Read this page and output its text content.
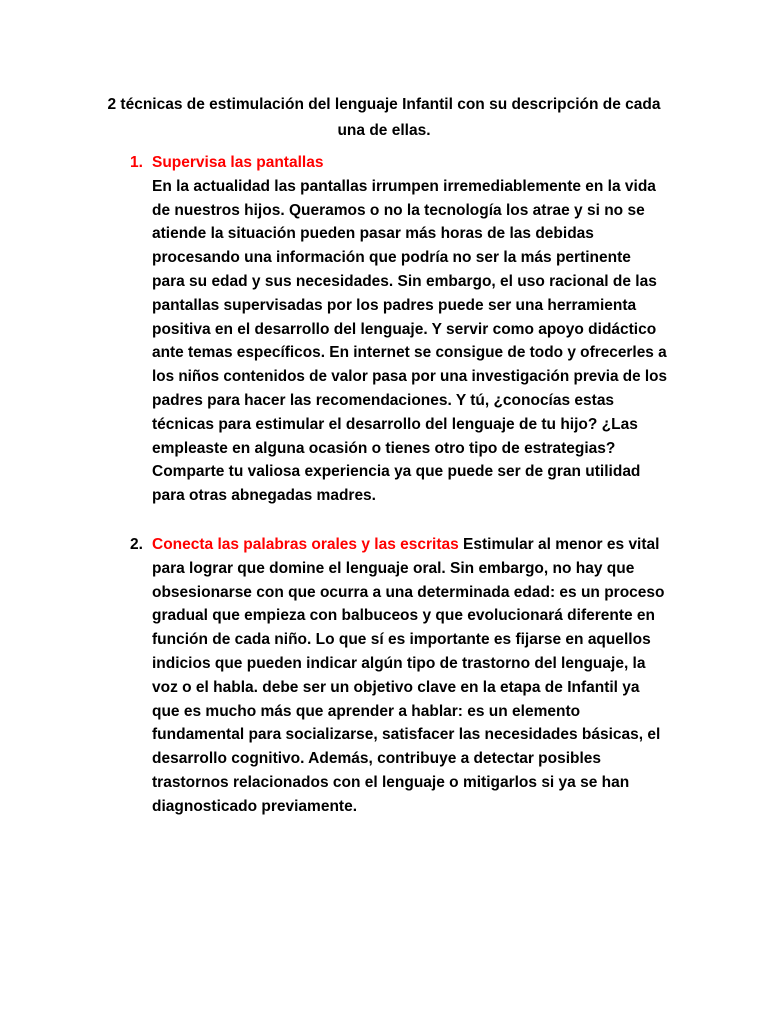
2 técnicas de estimulación del lenguaje Infantil con su descripción de cada una de ellas.
1. Supervisa las pantallas
En la actualidad las pantallas irrumpen irremediablemente en la vida
de nuestros hijos. Queramos o no la tecnología los atrae y si no se
atiende la situación pueden pasar más horas de las debidas
procesando una información que podría no ser la más pertinente
para su edad y sus necesidades. Sin embargo, el uso racional de las
pantallas supervisadas por los padres puede ser una herramienta
positiva en el desarrollo del lenguaje. Y servir como apoyo didáctico
ante temas específicos. En internet se consigue de todo y ofrecerles a
los niños contenidos de valor pasa por una investigación previa de los
padres para hacer las recomendaciones. Y tú, ¿conocías estas
técnicas para estimular el desarrollo del lenguaje de tu hijo? ¿Las
empleaste en alguna ocasión o tienes otro tipo de estrategias?
Comparte tu valiosa experiencia ya que puede ser de gran utilidad
para otras abnegadas madres.
2. Conecta las palabras orales y las escritas Estimular al menor es vital
para lograr que domine el lenguaje oral. Sin embargo, no hay que
obsesionarse con que ocurra a una determinada edad: es un proceso
gradual que empieza con balbuceos y que evolucionará diferente en
función de cada niño. Lo que sí es importante es fijarse en aquellos
indicios que pueden indicar algún tipo de trastorno del lenguaje, la
voz o el habla. debe ser un objetivo clave en la etapa de Infantil ya
que es mucho más que aprender a hablar: es un elemento
fundamental para socializarse, satisfacer las necesidades básicas, el
desarrollo cognitivo. Además, contribuye a detectar posibles
trastornos relacionados con el lenguaje o mitigarlos si ya se han
diagnosticado previamente.
